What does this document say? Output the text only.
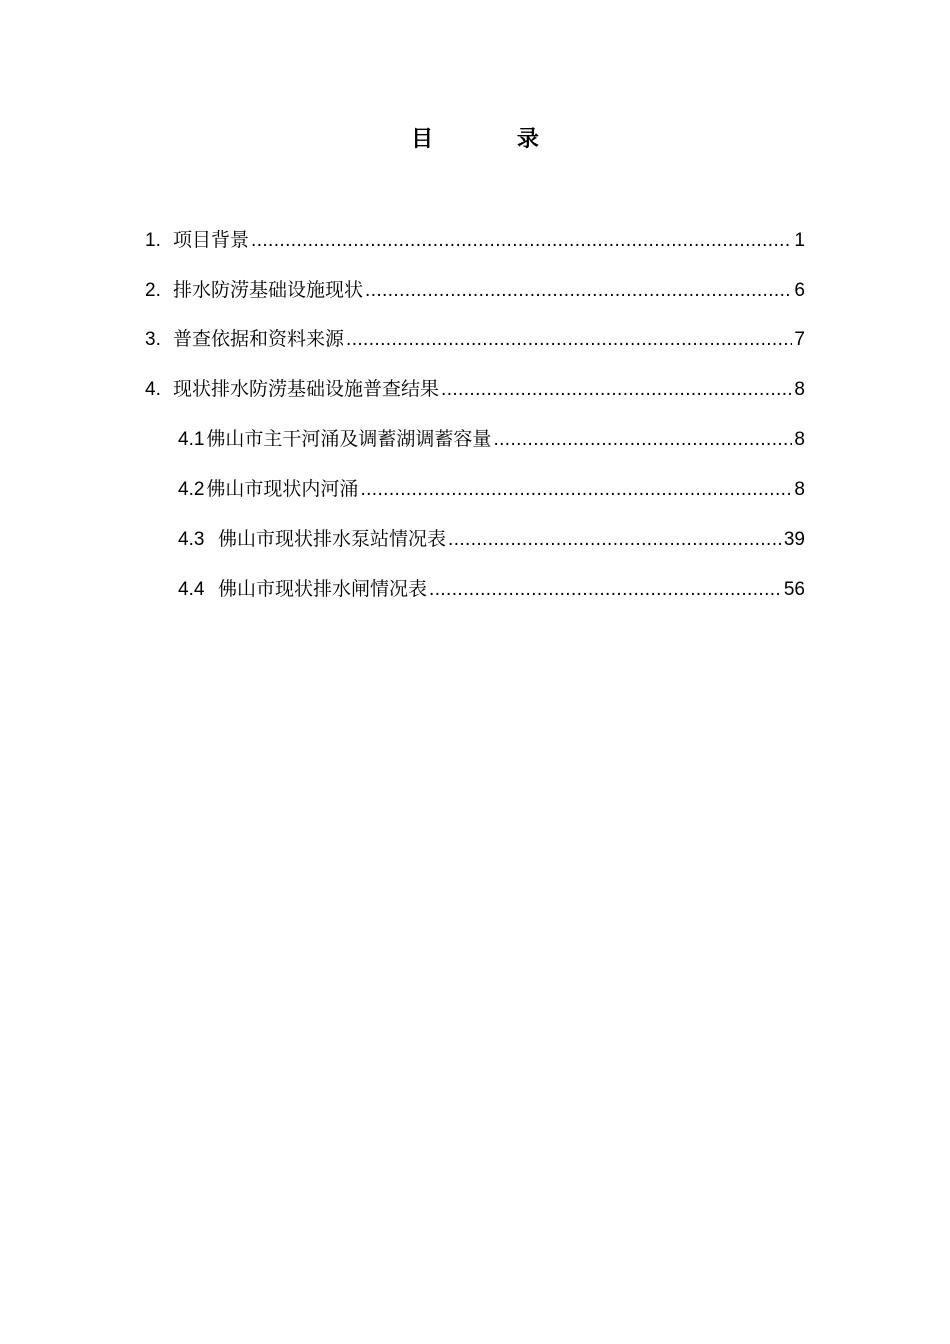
目 录
1. 项目背景 .....	1
2. 排水防涝基础设施现状 .....	6
3. 普查依据和资料来源 .....	7
4. 现状排水防涝基础设施普查结果 .....	8
4.1 佛山市主干河涌及调蓄湖调蓄容量 .....	8
4.2 佛山市现状内河涌 .....	8
4.3 佛山市现状排水泵站情况表 .....	39
4.4 佛山市现状排水闸情况表 .....	56
